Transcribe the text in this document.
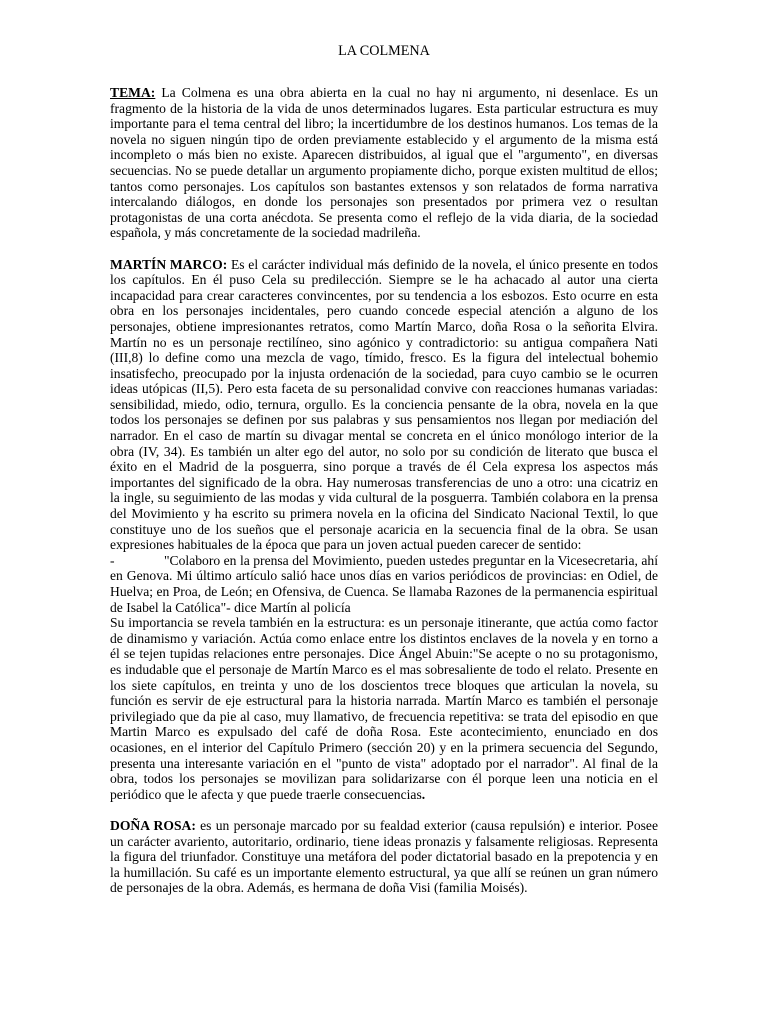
LA COLMENA

TEMA: La Colmena es una obra abierta en la cual no hay ni argumento, ni desenlace. Es un fragmento de la historia de la vida de unos determinados lugares. Esta particular estructura es muy importante para el tema central del libro; la incertidumbre de los destinos humanos. Los temas de la novela no siguen ningún tipo de orden previamente establecido y el argumento de la misma está incompleto o más bien no existe. Aparecen distribuidos, al igual que el "argumento", en diversas secuencias. No se puede detallar un argumento propiamente dicho, porque existen multitud de ellos; tantos como personajes. Los capítulos son bastantes extensos y son relatados de forma narrativa intercalando diálogos, en donde los personajes son presentados por primera vez o resultan protagonistas de una corta anécdota. Se presenta como el reflejo de la vida diaria, de la sociedad española, y más concretamente de la sociedad madrileña.

MARTÍN MARCO: Es el carácter individual más definido de la novela, el único presente en todos los capítulos. En él puso Cela su predilección. Siempre se le ha achacado al autor una cierta incapacidad para crear caracteres convincentes, por su tendencia a los esbozos. Esto ocurre en esta obra en los personajes incidentales, pero cuando concede especial atención a alguno de los personajes, obtiene impresionantes retratos, como Martín Marco, doña Rosa o la señorita Elvira. Martín no es un personaje rectilíneo, sino agónico y contradictorio: su antigua compañera Nati (III,8) lo define como una mezcla de vago, tímido, fresco. Es la figura del intelectual bohemio insatisfecho, preocupado por la injusta ordenación de la sociedad, para cuyo cambio se le ocurren ideas utópicas (II,5). Pero esta faceta de su personalidad convive con reacciones humanas variadas: sensibilidad, miedo, odio, ternura, orgullo. Es la conciencia pensante de la obra, novela en la que todos los personajes se definen por sus palabras y sus pensamientos nos llegan por mediación del narrador. En el caso de martín su divagar mental se concreta en el único monólogo interior de la obra (IV, 34). Es también un alter ego del autor, no solo por su condición de literato que busca el éxito en el Madrid de la posguerra, sino porque a través de él Cela expresa los aspectos más importantes del significado de la obra. Hay numerosas transferencias de uno a otro: una cicatriz en la ingle, su seguimiento de las modas y vida cultural de la posguerra. También colabora en la prensa del Movimiento y ha escrito su primera novela en la oficina del Sindicato Nacional Textil, lo que constituye uno de los sueños que el personaje acaricia en la secuencia final de la obra. Se usan expresiones habituales de la época que para un joven actual pueden carecer de sentido:

-	"Colaboro en la prensa del Movimiento, pueden ustedes preguntar en la Vicesecretaria, ahí en Genova. Mi último artículo salió hace unos días en varios periódicos de provincias: en Odiel, de Huelva; en Proa, de León; en Ofensiva, de Cuenca. Se llamaba Razones de la permanencia espiritual de Isabel la Católica"- dice Martín al policía

Su importancia se revela también en la estructura: es un personaje itinerante, que actúa como factor de dinamismo y variación. Actúa como enlace entre los distintos enclaves de la novela y en torno a él se tejen tupidas relaciones entre personajes. Dice Ángel Abuin:"Se acepte o no su protagonismo, es indudable que el personaje de Martín Marco es el mas sobresaliente de todo el relato. Presente en los siete capítulos, en treinta y uno de los doscientos trece bloques que articulan la novela, su función es servir de eje estructural para la historia narrada. Martín Marco es también el personaje privilegiado que da pie al caso, muy llamativo, de frecuencia repetitiva: se trata del episodio en que Martin Marco es expulsado del café de doña Rosa. Este acontecimiento, enunciado en dos ocasiones, en el interior del Capítulo Primero (sección 20) y en la primera secuencia del Segundo, presenta una interesante variación en el "punto de vista" adoptado por el narrador". Al final de la obra, todos los personajes se movilizan para solidarizarse con él porque leen una noticia en el periódico que le afecta y que puede traerle consecuencias.

DOÑA ROSA: es un personaje marcado por su fealdad exterior (causa repulsión) e interior. Posee un carácter avariento, autoritario, ordinario, tiene ideas pronazis y falsamente religiosas. Representa la figura del triunfador. Constituye una metáfora del poder dictatorial basado en la prepotencia y en la humillación. Su café es un importante elemento estructural, ya que allí se reúnen un gran número de personajes de la obra. Además, es hermana de doña Visi (familia Moisés).
